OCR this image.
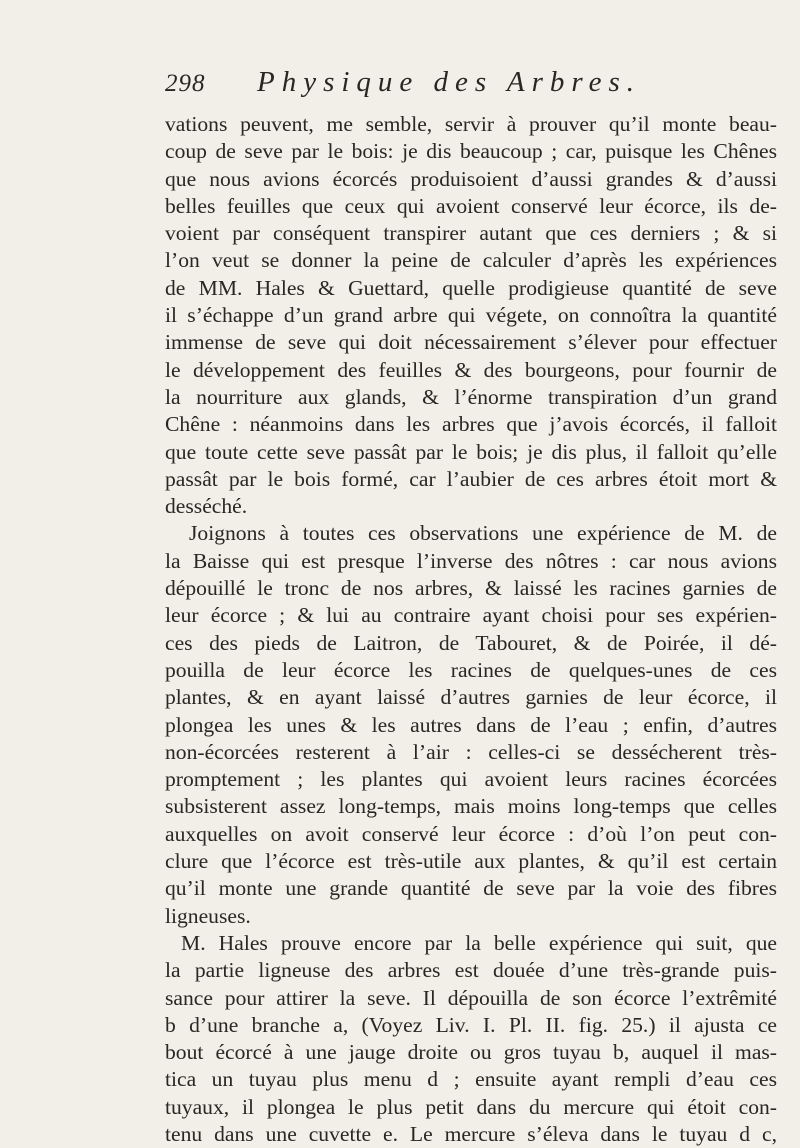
298 Physique des Arbres.
vations peuvent, me semble, servir à prouver qu’il monte beau-
coup de seve par le bois: je dis beaucoup ; car, puisque les Chênes
que nous avions écorcés produisoient d’aussi grandes & d’aussi
belles feuilles que ceux qui avoient conservé leur écorce, ils de-
voient par conséquent transpirer autant que ces derniers ; & si
l’on veut se donner la peine de calculer d’après les expériences
de MM. Hales & Guettard, quelle prodigieuse quantité de seve
il s’échappe d’un grand arbre qui végete, on connoîtra la quantité
immense de seve qui doit nécessairement s’élever pour effectuer
le développement des feuilles & des bourgeons, pour fournir de
la nourriture aux glands, & l’énorme transpiration d’un grand
Chêne : néanmoins dans les arbres que j’avois écorcés, il falloit
que toute cette seve passât par le bois; je dis plus, il falloit qu’elle
passât par le bois formé, car l’aubier de ces arbres étoit mort &
desséché.
Joignons à toutes ces observations une expérience de M. de
la Baisse qui est presque l’inverse des nôtres : car nous avions
dépouillé le tronc de nos arbres, & laissé les racines garnies de
leur écorce ; & lui au contraire ayant choisi pour ses expérien-
ces des pieds de Laitron, de Tabouret, & de Poirée, il dé-
pouilla de leur écorce les racines de quelques-unes de ces
plantes, & en ayant laissé d’autres garnies de leur écorce, il
plongea les unes & les autres dans de l’eau ; enfin, d’autres
non-écorcées resterent à l’air : celles-ci se dessécherent très-
promptement ; les plantes qui avoient leurs racines écorcées
subsisterent assez long-temps, mais moins long-temps que celles
auxquelles on avoit conservé leur écorce : d’où l’on peut con-
clure que l’écorce est très-utile aux plantes, & qu’il est certain
qu’il monte une grande quantité de seve par la voie des fibres
ligneuses.
M. Hales prouve encore par la belle expérience qui suit, que
la partie ligneuse des arbres est douée d’une très-grande puis-
sance pour attirer la seve. Il dépouilla de son écorce l’extrêmité
b d’une branche a, (Voyez Liv. I. Pl. II. fig. 25.) il ajusta ce
bout écorcé à une jauge droite ou gros tuyau b, auquel il mas-
tica un tuyau plus menu d ; ensuite ayant rempli d’eau ces
tuyaux, il plongea le plus petit dans du mercure qui étoit con-
tenu dans une cuvette e. Le mercure s’éleva dans le tuyau d c,
